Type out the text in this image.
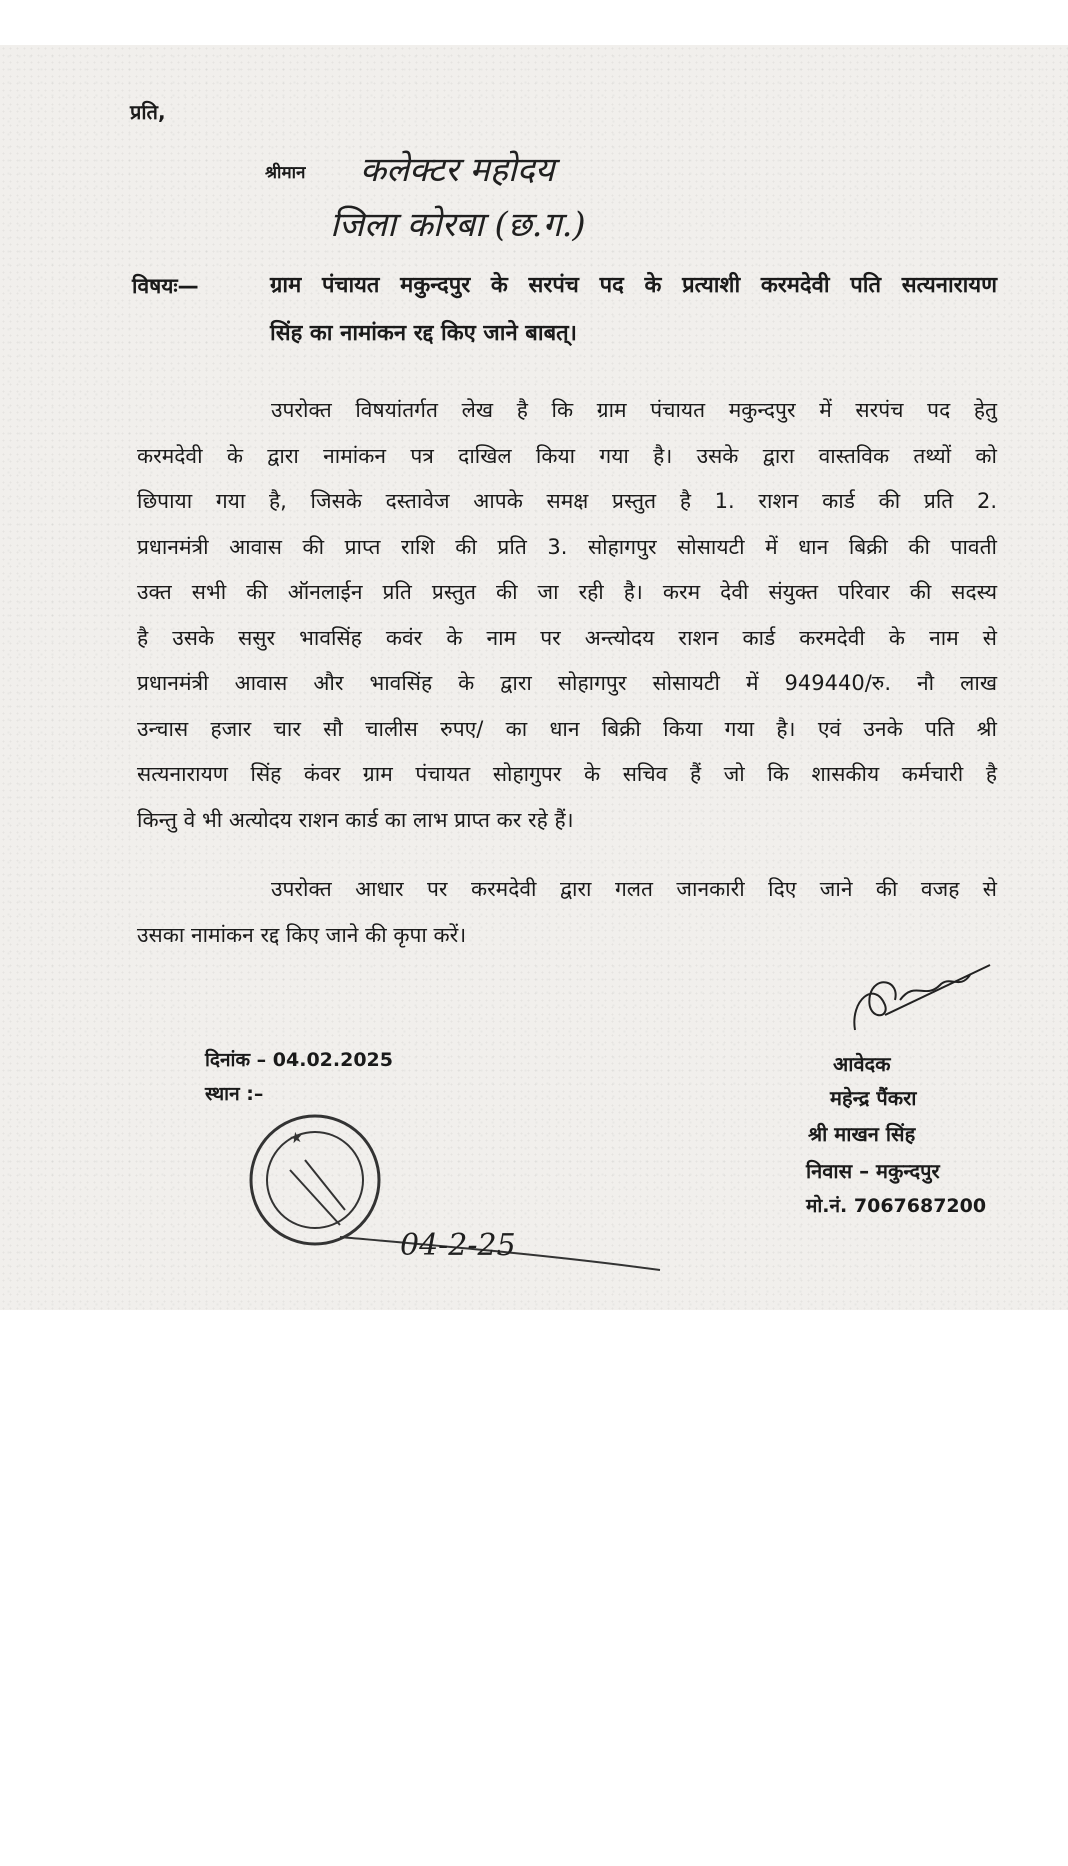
प्रति,
श्रीमान कलेक्टर महोदय
जिला कोरबा (छ.ग.)
विषयः—	ग्राम पंचायत मकुन्दपुर के सरपंच पद के प्रत्याशी करमदेवी पति सत्यनारायण
सिंह का नामांकन रद्द किए जाने बाबत्।
उपरोक्त विषयांतर्गत लेख है कि ग्राम पंचायत मकुन्दपुर में सरपंच पद हेतु
करमदेवी के द्वारा नामांकन पत्र दाखिल किया गया है। उसके द्वारा वास्तविक तथ्यों को
छिपाया गया है, जिसके दस्तावेज आपके समक्ष प्रस्तुत है 1. राशन कार्ड की प्रति 2.
प्रधानमंत्री आवास की प्राप्त राशि की प्रति 3. सोहागपुर सोसायटी में धान बिक्री की पावती
उक्त सभी की ऑनलाईन प्रति प्रस्तुत की जा रही है। करम देवी संयुक्त परिवार की सदस्य
है उसके ससुर भावसिंह कवंर के नाम पर अन्त्योदय राशन कार्ड करमदेवी के नाम से
प्रधानमंत्री आवास और भावसिंह के द्वारा सोहागपुर सोसायटी में 949440/रु. नौ लाख
उन्चास हजार चार सौ चालीस रुपए/ का धान बिक्री किया गया है। एवं उनके पति श्री
सत्यनारायण सिंह कंवर ग्राम पंचायत सोहागुपर के सचिव हैं जो कि शासकीय कर्मचारी है
किन्तु वे भी अत्योदय राशन कार्ड का लाभ प्राप्त कर रहे हैं।
उपरोक्त आधार पर करमदेवी द्वारा गलत जानकारी दिए जाने की वजह से
उसका नामांकन रद्द किए जाने की कृपा करें।
दिनांक – 04.02.2025
स्थान :–
आवेदक
महेन्द्र पैंकरा
श्री माखन सिंह
निवास – मकुन्दपुर
मो.नं. 7067687200
★
04-2-25
